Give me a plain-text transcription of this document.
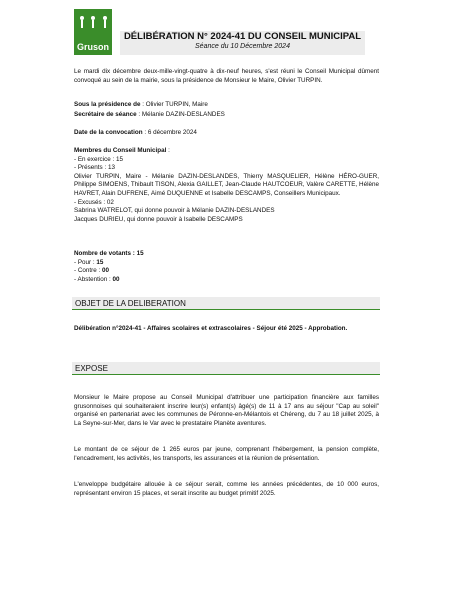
Gruson
DÉLIBÉRATION N° 2024-41 DU CONSEIL MUNICIPAL
Séance du 10 Décembre 2024
Le mardi dix décembre deux-mille-vingt-quatre à dix-neuf heures, s'est réuni le Conseil Municipal dûment convoqué au sein de la mairie, sous la présidence de Monsieur le Maire, Olivier TURPIN.
Sous la présidence de : Olivier TURPIN, Maire
Secrétaire de séance : Mélanie DAZIN-DESLANDES
Date de la convocation : 6 décembre 2024
Membres du Conseil Municipal :
- En exercice : 15
- Présents : 13
Olivier TURPIN, Maire - Mélanie DAZIN-DESLANDES, Thierry MASQUELIER, Hélène HÉRO-GUER, Philippe SIMOENS, Thibault TISON, Alexia GAILLET, Jean-Claude HAUTCOEUR, Valère CARETTE, Hélène HAVRET, Alain DUFRENE, Aimé DUQUENNE et Isabelle DESCAMPS, Conseillers Municipaux.
- Excusés : 02
Sabrina WATRELOT, qui donne pouvoir à Mélanie DAZIN-DESLANDES
Jacques DURIEU, qui donne pouvoir à Isabelle DESCAMPS
Nombre de votants : 15
- Pour : 15
- Contre : 00
- Abstention : 00
OBJET DE LA DELIBERATION
Délibération n°2024-41 - Affaires scolaires et extrascolaires - Séjour été 2025 - Approbation.
EXPOSE
Monsieur le Maire propose au Conseil Municipal d'attribuer une participation financière aux familles grusonnoises qui souhaiteraient inscrire leur(s) enfant(s) âgé(s) de 11 à 17 ans au séjour "Cap au soleil" organisé en partenariat avec les communes de Péronne-en-Mélantois et Chéreng, du 7 au 18 juillet 2025, à La Seyne-sur-Mer, dans le Var avec le prestataire Planète aventures.
Le montant de ce séjour de 1 265 euros par jeune, comprenant l'hébergement, la pension complète, l'encadrement, les activités, les transports, les assurances et la réunion de présentation.
L'enveloppe budgétaire allouée à ce séjour serait, comme les années précédentes, de 10 000 euros, représentant environ 15 places, et serait inscrite au budget primitif 2025.
